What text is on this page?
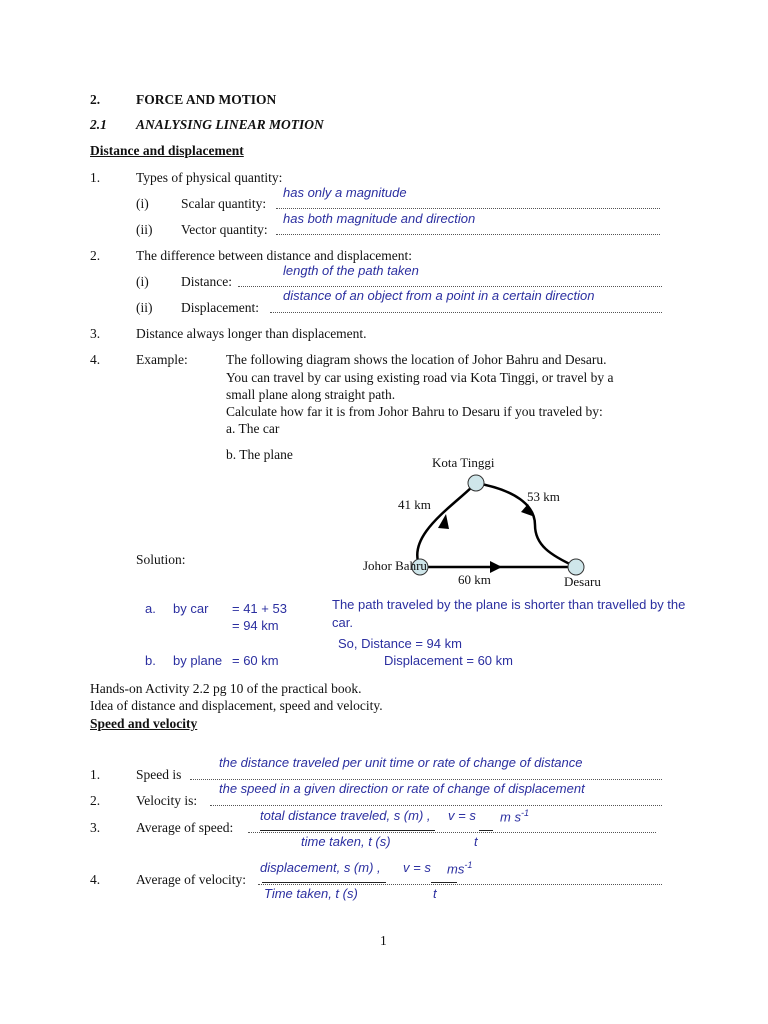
2.	FORCE AND MOTION
2.1 ANALYSING LINEAR MOTION
Distance and displacement
1.	Types of physical quantity:
(i) Scalar quantity:
has only a magnitude
(ii) Vector quantity:
has both magnitude and direction
2.	The difference between distance and displacement:
(i) Distance:
length of the path taken
(ii) Displacement:
distance of an object from a point in a certain direction
3.	Distance always longer than displacement.
4.	Example:	The following diagram shows the location of Johor Bahru and Desaru.
You can travel by car using existing road via Kota Tinggi, or travel by a
small plane along straight path.
Calculate how far it is from Johor Bahru to Desaru if you traveled by:
a. The car
b. The plane
Kota Tinggi
41 km
53 km
Johor Bahru
60 km	Desaru
Solution:
a. by car = 41 + 53
= 94 km
b. by plane = 60 km
The path traveled by the plane is shorter than travelled by the
car.
So, Distance = 94 km
Displacement = 60 km
Hands-on Activity 2.2 pg 10 of the practical book.
Idea of distance and displacement, speed and velocity.
Speed and velocity
1.	Speed is
the distance traveled per unit time or rate of change of distance
2.	Velocity is:
the speed in a given direction or rate of change of displacement
3.	Average of speed:
total distance traveled, s (m) , v = s m $s^{-1}$
time taken, t (s)	t
4.	Average of velocity:
displacement, s (m) , v = s $ms^{-1}$
Time taken, t (s)	t
1
